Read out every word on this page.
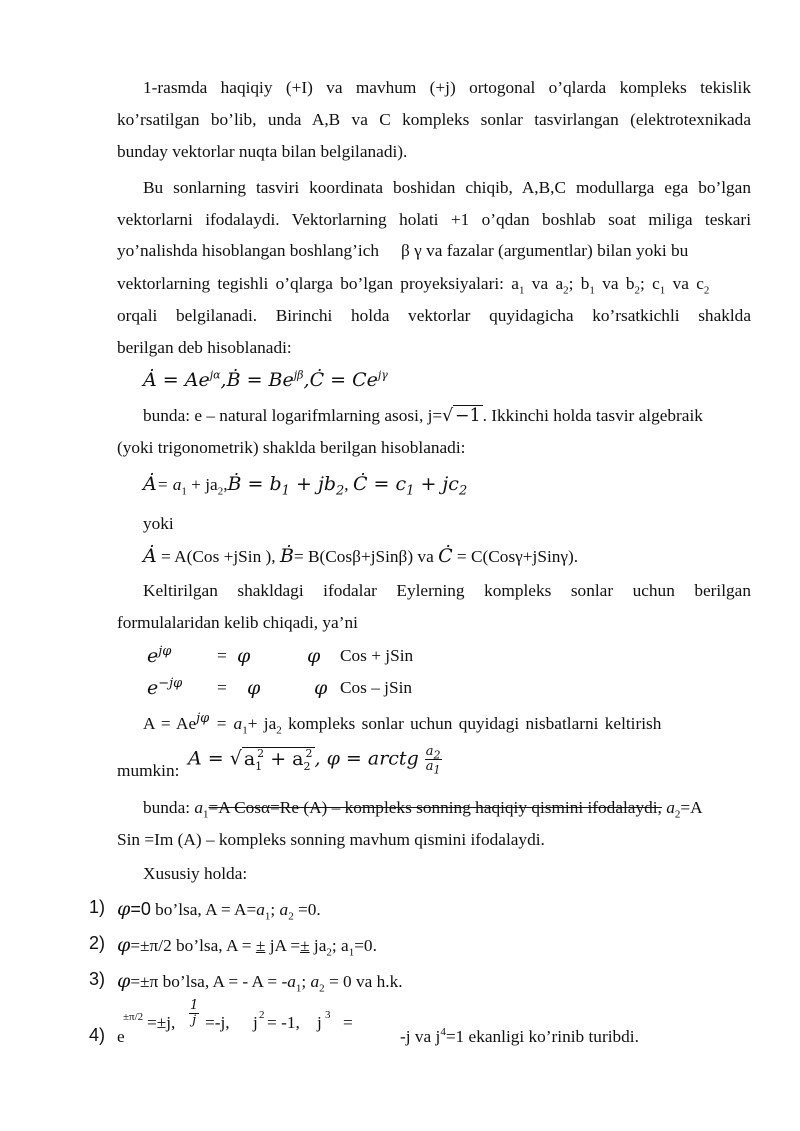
1-rasmda haqiqiy (+I) va mavhum (+j) ortogonal o’qlarda kompleks tekislik
ko’rsatilgan bo’lib, unda A,B va C kompleks sonlar tasvirlangan (elektrotexnikada
bunday vektorlar nuqta bilan belgilanadi).
Bu sonlarning tasviri koordinata boshidan chiqib, A,B,C modullarga ega bo’lgan
vektorlarni ifodalaydi. Vektorlarning holati +1 o’qdan boshlab soat miliga teskari
yo’nalishda hisoblangan boshlang’ich β γ va fazalar (argumentlar) bilan yoki bu
vektorlarning tegishli o’qlarga bo’lgan proyeksiyalari: $a_1$ va $a_2$; $b_1$ va $b_2$; $c_1$ va $c_2$
orqali belgilanadi. Birinchi holda vektorlar quyidagicha ko’rsatkichli shaklda
berilgan deb hisoblanadi:
Ȧ = $Ae^{j\alpha},Ḃ$ = $Be^{j\beta},Ċ = Ce^{j\gamma}$
bunda: e – natural logarifmlarning asosi, j=√ −1 . Ikkinchi holda tasvir algebraik
(yoki trigonometrik) shaklda berilgan hisoblanadi:
Ȧ= $a_1$ + $ja_2,Ḃ = b_1 + jb_2$, Ċ = $c_1 + jc_2$
yoki
Ȧ = A(Cos +jSin ), Ḃ= B(Cosβ+jSinβ) va Ċ = C(Cosγ+jSinγ).
Keltirilgan shakldagi ifodalar Eylerning kompleks sonlar uchun berilgan
formulalaridan kelib chiqadi, ya’ni
$e^{j\varphi}$	= φ	φ Cos + jSin
$e^{-j\varphi} = \varphi$	φ Cos – jSin
$A = Ae^{j\varphi} = a_1+ ja_2$ kompleks sonlar uchun quyidagi nisbatlarni keltirish
mumkin:
A = √ $a_1^2 + a_2^2$ , φ = arctg $\frac{a_2}{a_1}$
bunda: $a_1=A$ Cosα=Re (A) – kompleks sonning haqiqiy qismini ifodalaydi, $a_2=A$
Sin =Im (A) – kompleks sonning mavhum qismini ifodalaydi.
Xususiy holda:
1) φ=0 bo’lsa, $A = A=a_1$; $a_2 =0$.
2) φ=±π/2 bo’lsa, A = ± jA =± $ja_2$; $a_1=0$.
3) φ=±π bo’lsa, A = - $A = -a_1$; $a_2 = 0$ va h.k.
4) e
±π/2 =±j, $\frac{1}{j} =-j$, j 2 = -1, j 3 =
-j va $j^4=1$ ekanligi ko’rinib turibdi.
